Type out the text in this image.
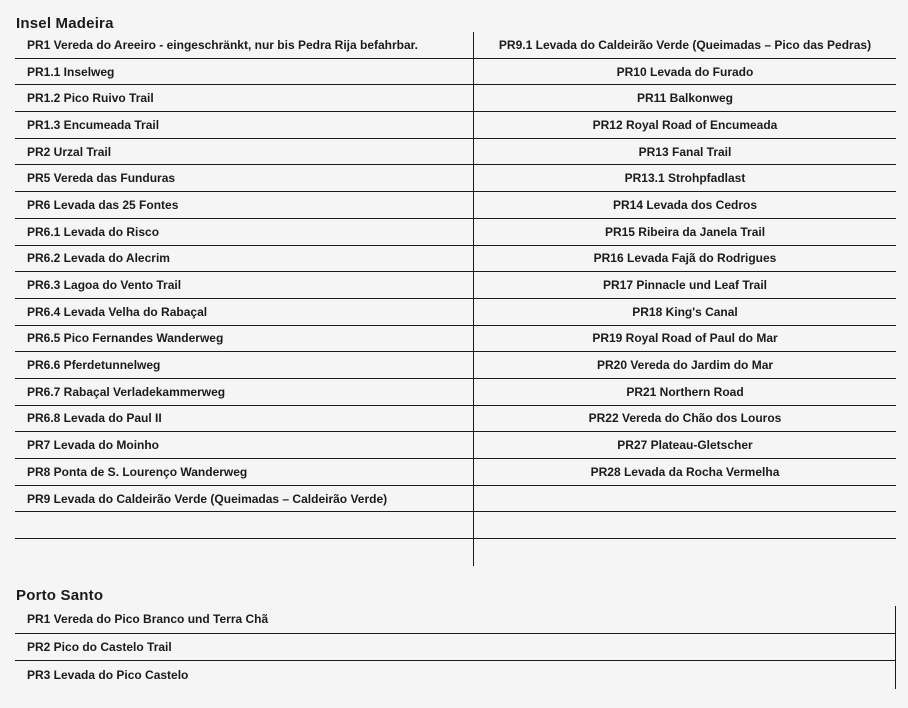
Insel Madeira
PR1 Vereda do Areeiro - eingeschränkt, nur bis Pedra Rija befahrbar.	PR9.1 Levada do Caldeirão Verde (Queimadas – Pico das Pedras)
PR1.1 Inselweg	PR10 Levada do Furado
PR1.2 Pico Ruivo Trail	PR11 Balkonweg
PR1.3 Encumeada Trail	PR12 Royal Road of Encumeada
PR2 Urzal Trail	PR13 Fanal Trail
PR5 Vereda das Funduras	PR13.1 Strohpfadlast
PR6 Levada das 25 Fontes	PR14 Levada dos Cedros
PR6.1 Levada do Risco	PR15 Ribeira da Janela Trail
PR6.2 Levada do Alecrim	PR16 Levada Fajã do Rodrigues
PR6.3 Lagoa do Vento Trail	PR17 Pinnacle und Leaf Trail
PR6.4 Levada Velha do Rabaçal	PR18 King's Canal
PR6.5 Pico Fernandes Wanderweg	PR19 Royal Road of Paul do Mar
PR6.6 Pferdetunnelweg	PR20 Vereda do Jardim do Mar
PR6.7 Rabaçal Verladekammerweg	PR21 Northern Road
PR6.8 Levada do Paul II	PR22 Vereda do Chão dos Louros
PR7 Levada do Moinho	PR27 Plateau-Gletscher
PR8 Ponta de S. Lourenço Wanderweg	PR28 Levada da Rocha Vermelha
PR9 Levada do Caldeirão Verde (Queimadas – Caldeirão Verde)
Porto Santo
PR1 Vereda do Pico Branco und Terra Chã
PR2 Pico do Castelo Trail
PR3 Levada do Pico Castelo
